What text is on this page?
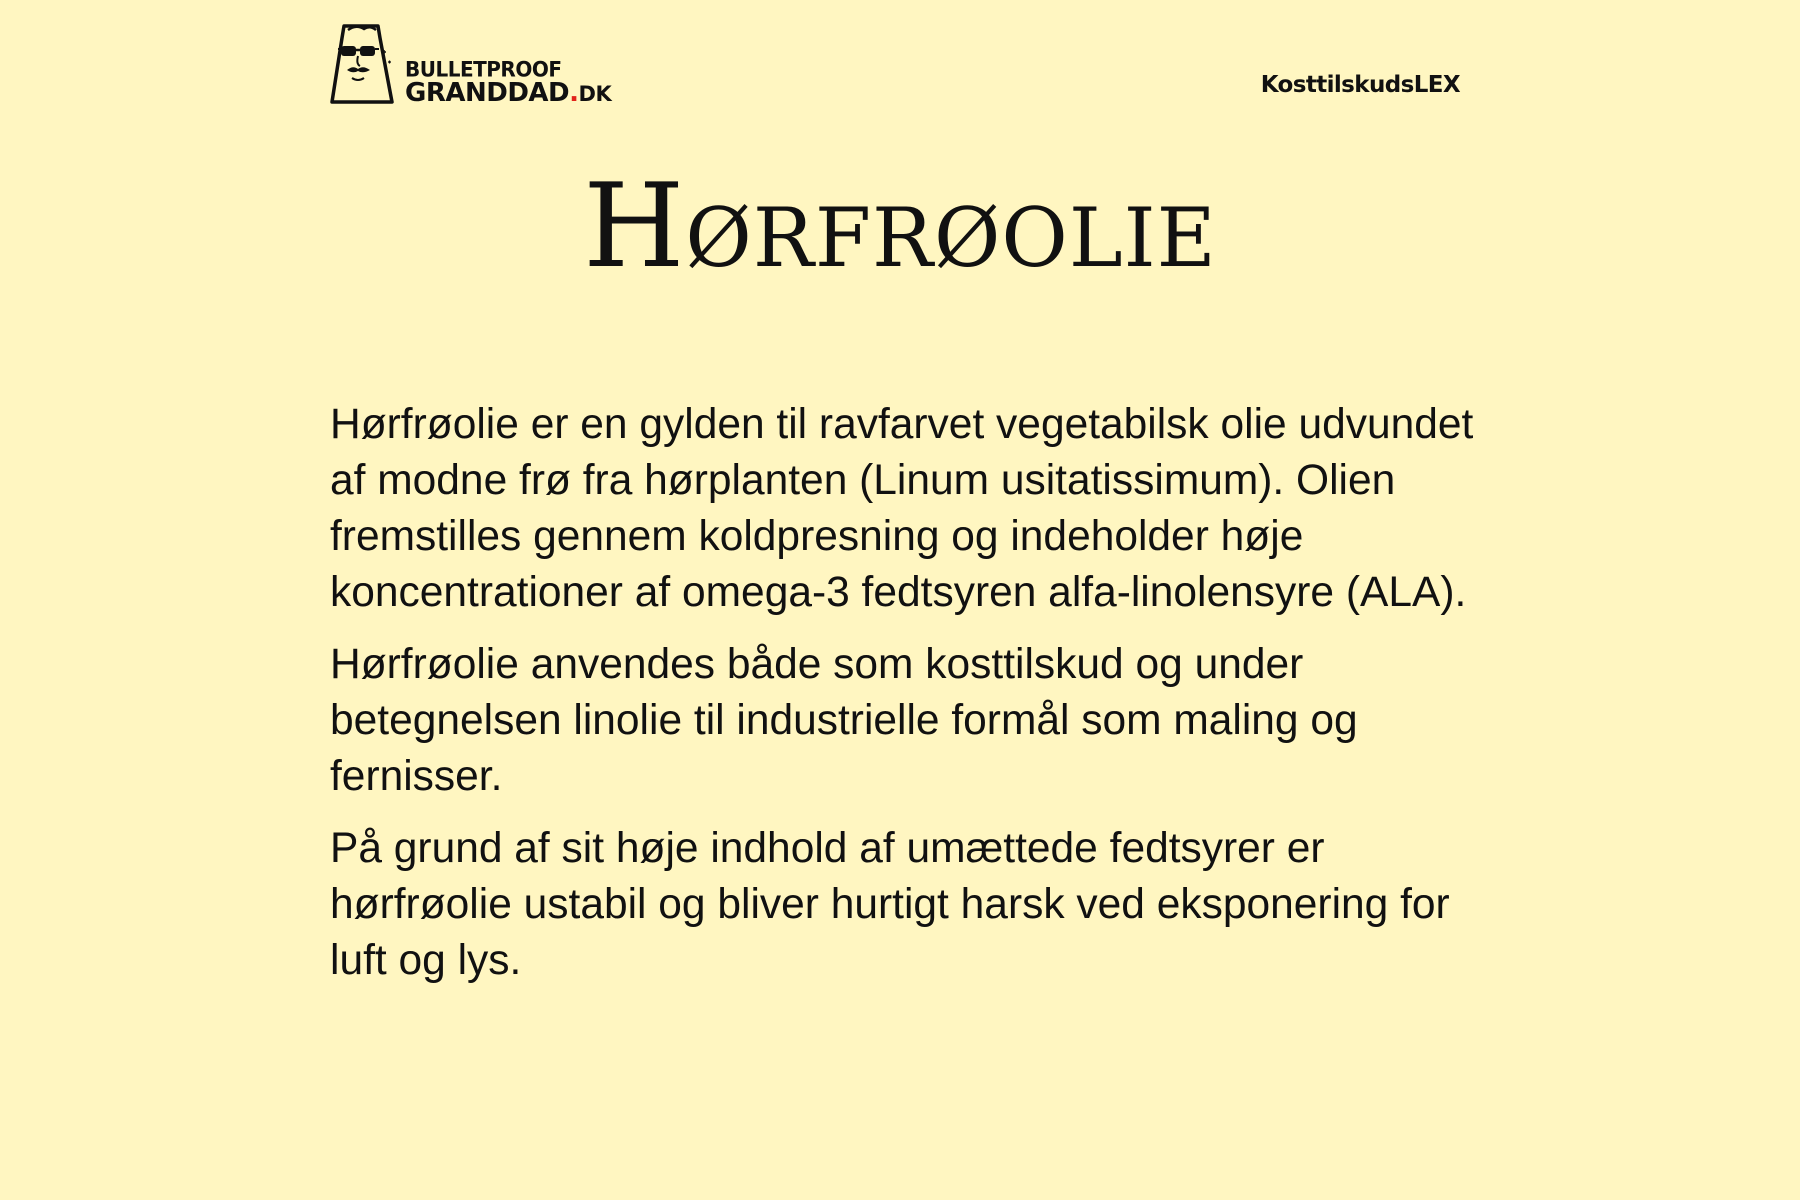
BULLETPROOF
GRANDDAD.DK	KosttilskudsLEX
Hørfrøolie

Hørfrøolie er en gylden til ravfarvet vegetabilsk olie udvundet af modne frø fra hørplanten (Linum usitatissimum). Olien fremstilles gennem koldpresning og indeholder høje koncentrationer af omega-3 fedtsyren alfa-linolensyre (ALA).

Hørfrøolie anvendes både som kosttilskud og under betegnelsen linolie til industrielle formål som maling og fernisser.

På grund af sit høje indhold af umættede fedtsyrer er hørfrøolie ustabil og bliver hurtigt harsk ved eksponering for luft og lys.
